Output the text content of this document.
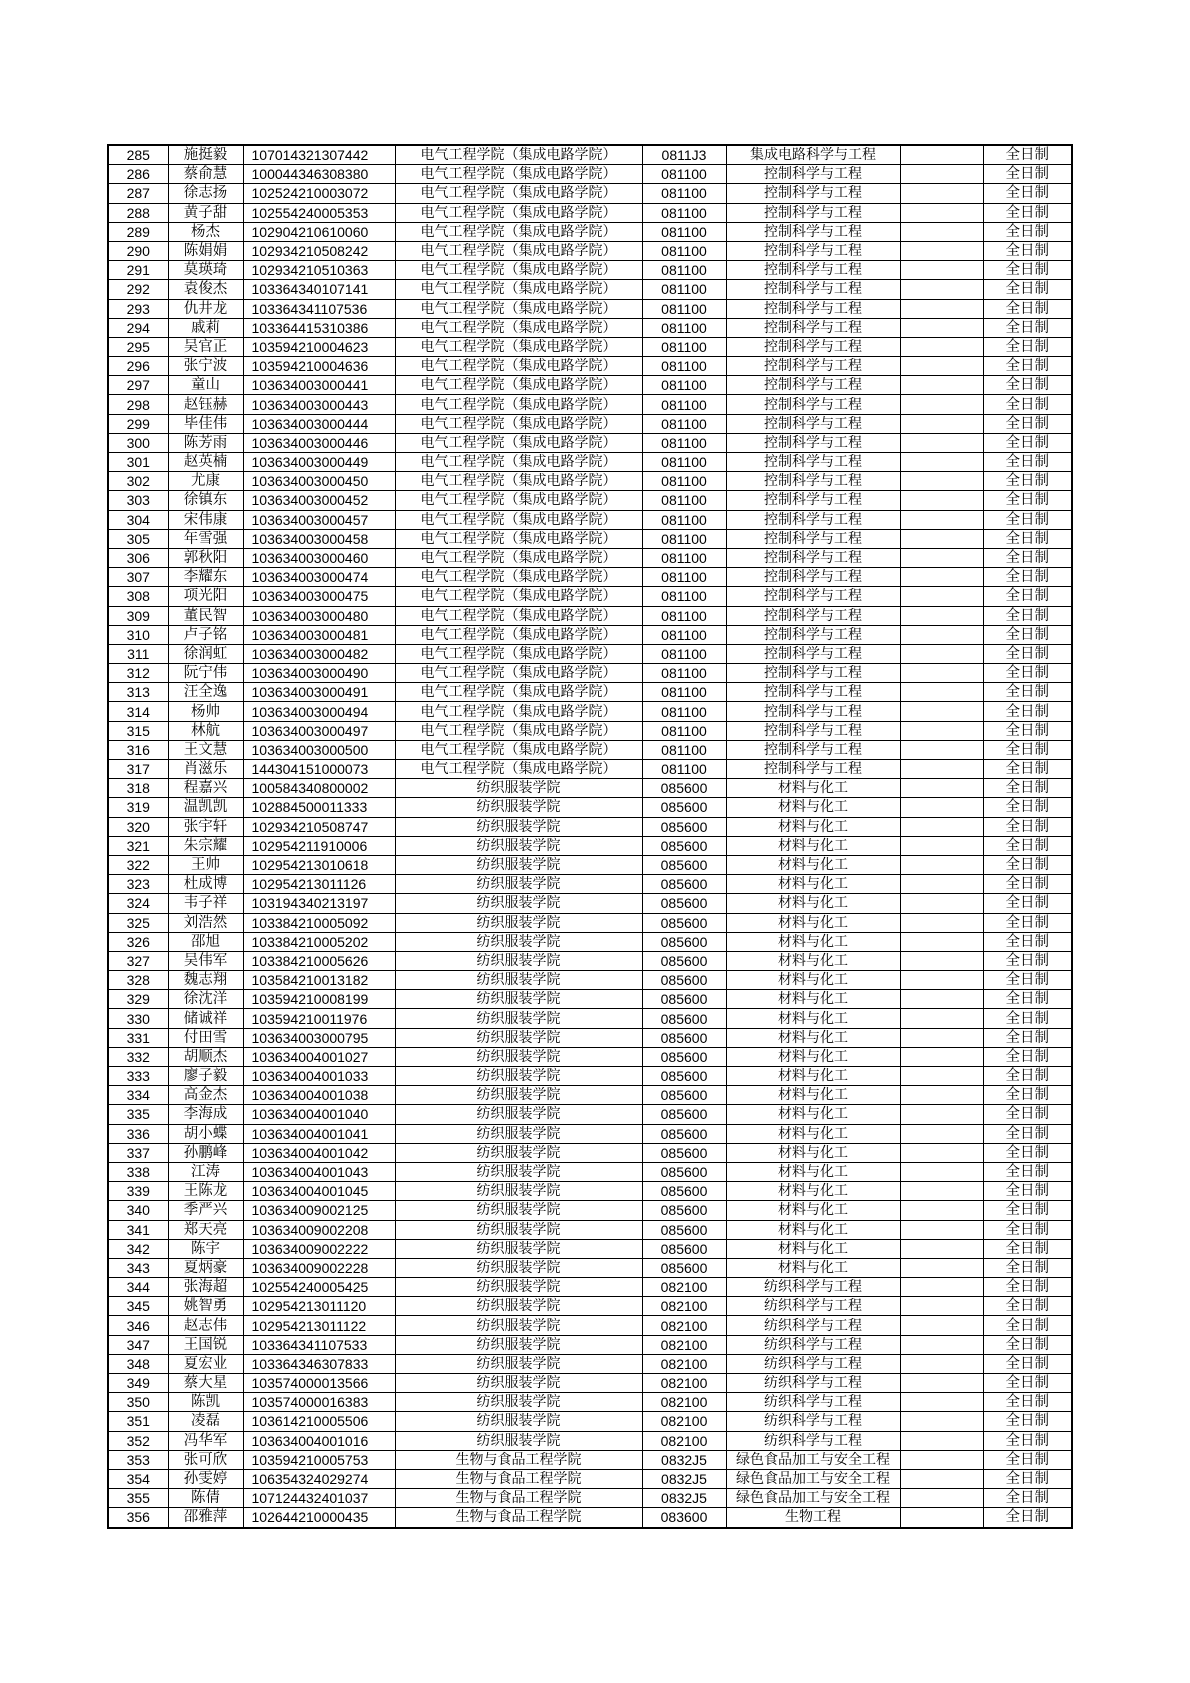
285	施挺毅	107014321307442	电气工程学院（集成电路学院）	0811J3	集成电路科学与工程		全日制
286	蔡俞慧	100044346308380	电气工程学院（集成电路学院）	081100	控制科学与工程		全日制
287	徐志扬	102524210003072	电气工程学院（集成电路学院）	081100	控制科学与工程		全日制
288	黄子甜	102554240005353	电气工程学院（集成电路学院）	081100	控制科学与工程		全日制
289	杨杰	102904210610060	电气工程学院（集成电路学院）	081100	控制科学与工程		全日制
290	陈娟娟	102934210508242	电气工程学院（集成电路学院）	081100	控制科学与工程		全日制
291	莫瑛琦	102934210510363	电气工程学院（集成电路学院）	081100	控制科学与工程		全日制
292	袁俊杰	103364340107141	电气工程学院（集成电路学院）	081100	控制科学与工程		全日制
293	仇井龙	103364341107536	电气工程学院（集成电路学院）	081100	控制科学与工程		全日制
294	戚莉	103364415310386	电气工程学院（集成电路学院）	081100	控制科学与工程		全日制
295	吴官正	103594210004623	电气工程学院（集成电路学院）	081100	控制科学与工程		全日制
296	张宁波	103594210004636	电气工程学院（集成电路学院）	081100	控制科学与工程		全日制
297	童山	103634003000441	电气工程学院（集成电路学院）	081100	控制科学与工程		全日制
298	赵钰赫	103634003000443	电气工程学院（集成电路学院）	081100	控制科学与工程		全日制
299	毕佳伟	103634003000444	电气工程学院（集成电路学院）	081100	控制科学与工程		全日制
300	陈芳雨	103634003000446	电气工程学院（集成电路学院）	081100	控制科学与工程		全日制
301	赵英楠	103634003000449	电气工程学院（集成电路学院）	081100	控制科学与工程		全日制
302	尤康	103634003000450	电气工程学院（集成电路学院）	081100	控制科学与工程		全日制
303	徐镇东	103634003000452	电气工程学院（集成电路学院）	081100	控制科学与工程		全日制
304	宋伟康	103634003000457	电气工程学院（集成电路学院）	081100	控制科学与工程		全日制
305	年雪强	103634003000458	电气工程学院（集成电路学院）	081100	控制科学与工程		全日制
306	郭秋阳	103634003000460	电气工程学院（集成电路学院）	081100	控制科学与工程		全日制
307	李耀东	103634003000474	电气工程学院（集成电路学院）	081100	控制科学与工程		全日制
308	项光阳	103634003000475	电气工程学院（集成电路学院）	081100	控制科学与工程		全日制
309	董民智	103634003000480	电气工程学院（集成电路学院）	081100	控制科学与工程		全日制
310	卢子铭	103634003000481	电气工程学院（集成电路学院）	081100	控制科学与工程		全日制
311	徐润虹	103634003000482	电气工程学院（集成电路学院）	081100	控制科学与工程		全日制
312	阮宁伟	103634003000490	电气工程学院（集成电路学院）	081100	控制科学与工程		全日制
313	汪全逸	103634003000491	电气工程学院（集成电路学院）	081100	控制科学与工程		全日制
314	杨帅	103634003000494	电气工程学院（集成电路学院）	081100	控制科学与工程		全日制
315	林航	103634003000497	电气工程学院（集成电路学院）	081100	控制科学与工程		全日制
316	王文慧	103634003000500	电气工程学院（集成电路学院）	081100	控制科学与工程		全日制
317	肖滋乐	144304151000073	电气工程学院（集成电路学院）	081100	控制科学与工程		全日制
318	程嘉兴	100584340800002	纺织服装学院	085600	材料与化工		全日制
319	温凯凯	102884500011333	纺织服装学院	085600	材料与化工		全日制
320	张宇轩	102934210508747	纺织服装学院	085600	材料与化工		全日制
321	朱宗耀	102954211910006	纺织服装学院	085600	材料与化工		全日制
322	王帅	102954213010618	纺织服装学院	085600	材料与化工		全日制
323	杜成博	102954213011126	纺织服装学院	085600	材料与化工		全日制
324	韦子祥	103194340213197	纺织服装学院	085600	材料与化工		全日制
325	刘浩然	103384210005092	纺织服装学院	085600	材料与化工		全日制
326	邵旭	103384210005202	纺织服装学院	085600	材料与化工		全日制
327	吴伟军	103384210005626	纺织服装学院	085600	材料与化工		全日制
328	魏志翔	103584210013182	纺织服装学院	085600	材料与化工		全日制
329	徐沈洋	103594210008199	纺织服装学院	085600	材料与化工		全日制
330	储诚祥	103594210011976	纺织服装学院	085600	材料与化工		全日制
331	付田雪	103634003000795	纺织服装学院	085600	材料与化工		全日制
332	胡顺杰	103634004001027	纺织服装学院	085600	材料与化工		全日制
333	廖子毅	103634004001033	纺织服装学院	085600	材料与化工		全日制
334	高金杰	103634004001038	纺织服装学院	085600	材料与化工		全日制
335	李海成	103634004001040	纺织服装学院	085600	材料与化工		全日制
336	胡小蝶	103634004001041	纺织服装学院	085600	材料与化工		全日制
337	孙鹏峰	103634004001042	纺织服装学院	085600	材料与化工		全日制
338	江涛	103634004001043	纺织服装学院	085600	材料与化工		全日制
339	王陈龙	103634004001045	纺织服装学院	085600	材料与化工		全日制
340	季严兴	103634009002125	纺织服装学院	085600	材料与化工		全日制
341	郑天亮	103634009002208	纺织服装学院	085600	材料与化工		全日制
342	陈宇	103634009002222	纺织服装学院	085600	材料与化工		全日制
343	夏炳豪	103634009002228	纺织服装学院	085600	材料与化工		全日制
344	张海超	102554240005425	纺织服装学院	082100	纺织科学与工程		全日制
345	姚智勇	102954213011120	纺织服装学院	082100	纺织科学与工程		全日制
346	赵志伟	102954213011122	纺织服装学院	082100	纺织科学与工程		全日制
347	王国锐	103364341107533	纺织服装学院	082100	纺织科学与工程		全日制
348	夏宏业	103364346307833	纺织服装学院	082100	纺织科学与工程		全日制
349	蔡大星	103574000013566	纺织服装学院	082100	纺织科学与工程		全日制
350	陈凯	103574000016383	纺织服装学院	082100	纺织科学与工程		全日制
351	凌磊	103614210005506	纺织服装学院	082100	纺织科学与工程		全日制
352	冯华军	103634004001016	纺织服装学院	082100	纺织科学与工程		全日制
353	张可欣	103594210005753	生物与食品工程学院	0832J5	绿色食品加工与安全工程		全日制
354	孙雯婷	106354324029274	生物与食品工程学院	0832J5	绿色食品加工与安全工程		全日制
355	陈倩	107124432401037	生物与食品工程学院	0832J5	绿色食品加工与安全工程		全日制
356	邵雅萍	102644210000435	生物与食品工程学院	083600	生物工程		全日制
